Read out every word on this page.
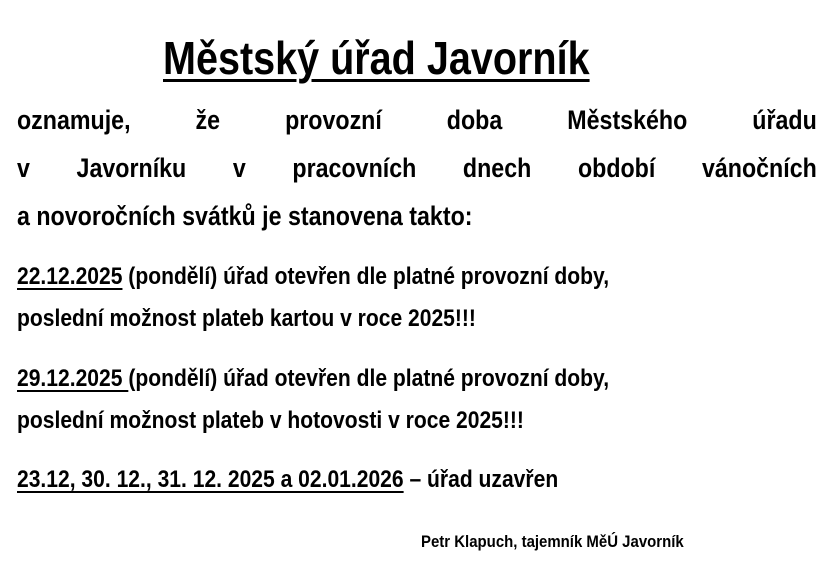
Městský úřad Javorník
oznamuje, že provozní doba Městského úřadu
v Javorníku v pracovních dnech období vánočních
a novoročních svátků je stanovena takto:
22.12.2025 (pondělí) úřad otevřen dle platné provozní doby,
poslední možnost plateb kartou v roce 2025!!!
29.12.2025 (pondělí) úřad otevřen dle platné provozní doby,
poslední možnost plateb v hotovosti v roce 2025!!!
23.12, 30. 12., 31. 12. 2025 a 02.01.2026 – úřad uzavřen
Petr Klapuch, tajemník MěÚ Javorník
